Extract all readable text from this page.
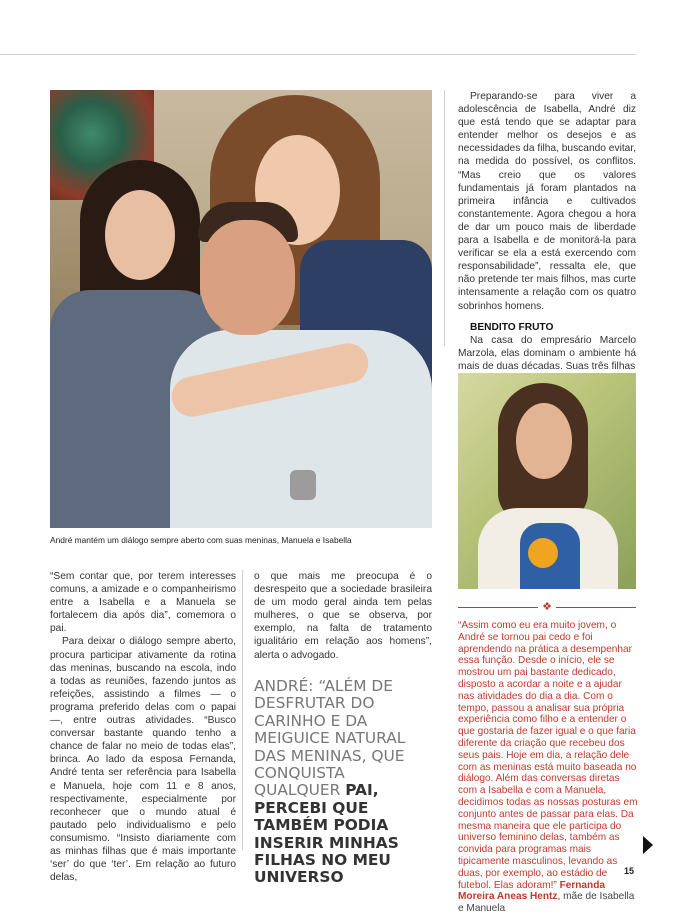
André mantém um diálogo sempre aberto com suas meninas, Manuela e Isabella

“Sem contar que, por terem interesses comuns, a amizade e o companheirismo entre a Isabella e a Manuela se fortalecem dia após dia”, comemora o pai.

Para deixar o diálogo sempre aberto, procura participar ativamente da rotina das meninas, buscando na escola, indo a todas as reuniões, fazendo juntos as refeições, assistindo a filmes — o programa preferido delas com o papai —, entre outras atividades. “Busco conversar bastante quando tenho a chance de falar no meio de todas elas”, brinca. Ao lado da esposa Fernanda, André tenta ser referência para Isabella e Manuela, hoje com 11 e 8 anos, respectivamente, especialmente por reconhecer que o mundo atual é pautado pelo individualismo e pelo consumismo. “Insisto diariamente com as minhas filhas que é mais importante ‘ser’ do que ‘ter’. Em relação ao futuro delas,

o que mais me preocupa é o desrespeito que a sociedade brasileira de um modo geral ainda tem pelas mulheres, o que se observa, por exemplo, na falta de tratamento igualitário em relação aos homens”, alerta o advogado.

ANDRÉ: “ALÉM DE DESFRUTAR DO CARINHO E DA MEIGUICE NATURAL DAS MENINAS, QUE CONQUISTA QUALQUER PAI, PERCEBI QUE TAMBÉM PODIA INSERIR MINHAS FILHAS NO MEU UNIVERSO

Preparando-se para viver a adolescência de Isabella, André diz que está tendo que se adaptar para entender melhor os desejos e as necessidades da filha, buscando evitar, na medida do possível, os conflitos. “Mas creio que os valores fundamentais já foram plantados na primeira infância e cultivados constantemente. Agora chegou a hora de dar um pouco mais de liberdade para a Isabella e de monitorá-la para verificar se ela a está exercendo com responsabilidade”, ressalta ele, que não pretende ter mais filhos, mas curte intensamente a relação com os quatro sobrinhos homens.

BENDITO FRUTO

Na casa do empresário Marcelo Marzola, elas dominam o ambiente há mais de duas décadas. Suas três filhas

❖
“Assim como eu era muito jovem, o André se tornou pai cedo e foi aprendendo na prática a desempenhar essa função. Desde o início, ele se mostrou um pai bastante dedicado, disposto a acordar a noite e a ajudar nas atividades do dia a dia. Com o tempo, passou a analisar sua própria experiência como filho e a entender o que gostaria de fazer igual e o que faria diferente da criação que recebeu dos seus pais. Hoje em dia, a relação dele com as meninas está muito baseada no diálogo. Além das conversas diretas com a Isabella e com a Manuela, decidimos todas as nossas posturas em conjunto antes de passar para elas. Da mesma maneira que ele participa do universo feminino delas, também as convida para programas mais tipicamente masculinos, levando as duas, por exemplo, ao estádio de futebol. Elas adoram!” Fernanda Moreira Aneas Hentz, mãe de Isabella e Manuela
15
